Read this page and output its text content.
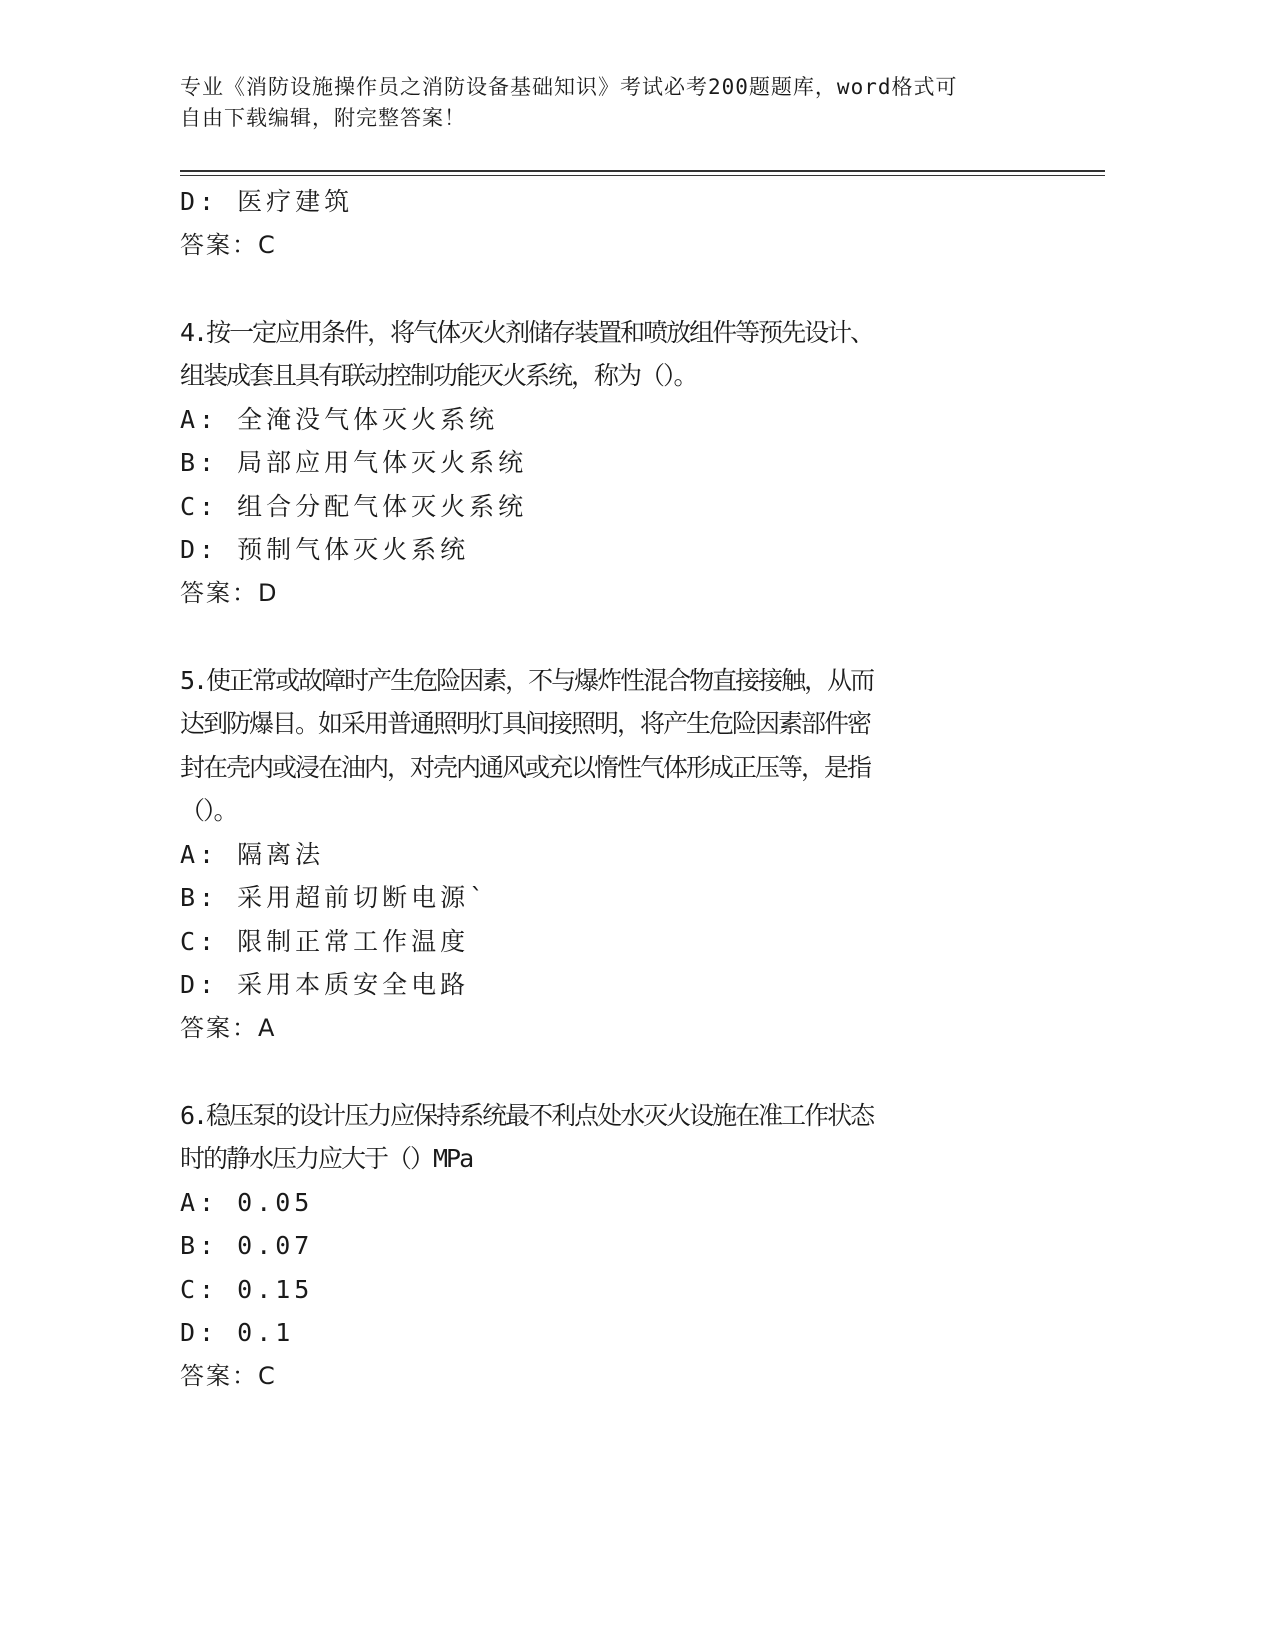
专业《消防设施操作员之消防设备基础知识》考试必考200题题库，word格式可
自由下载编辑，附完整答案！
D: 医疗建筑
答案：C
4.按一定应用条件，将气体灭火剂储存装置和喷放组件等预先设计、
组装成套且具有联动控制功能灭火系统，称为（）。
A: 全淹没气体灭火系统
B: 局部应用气体灭火系统
C: 组合分配气体灭火系统
D: 预制气体灭火系统
答案：D
5.使正常或故障时产生危险因素，不与爆炸性混合物直接接触，从而
达到防爆目。如采用普通照明灯具间接照明，将产生危险因素部件密
封在壳内或浸在油内，对壳内通风或充以惰性气体形成正压等，是指
（）。
A: 隔离法
B: 采用超前切断电源`
C: 限制正常工作温度
D: 采用本质安全电路
答案：A
6.稳压泵的设计压力应保持系统最不利点处水灭火设施在准工作状态
时的静水压力应大于（）MPa
A: 0.05
B: 0.07
C: 0.15
D: 0.1
答案：C
